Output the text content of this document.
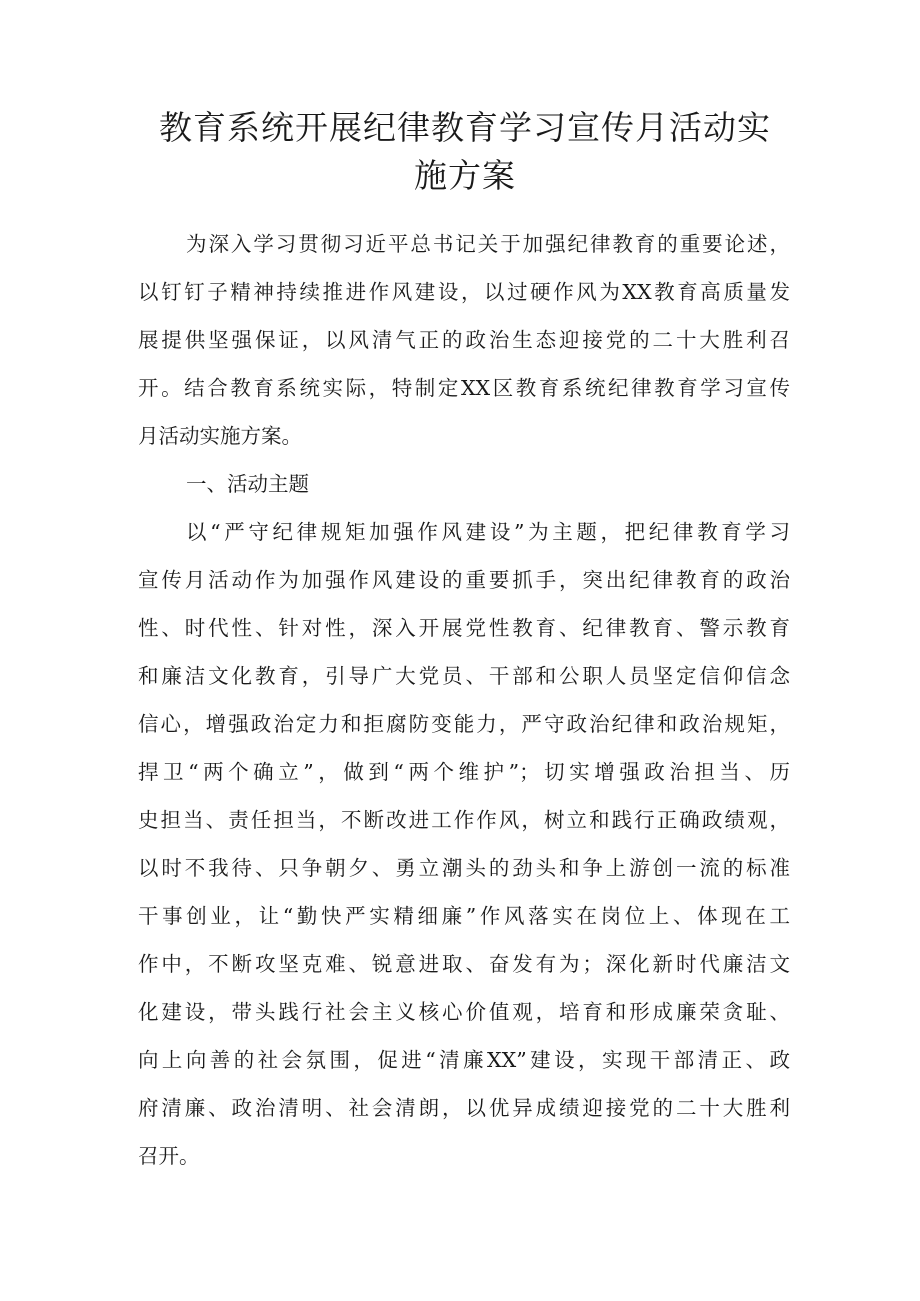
教育系统开展纪律教育学习宣传月活动实
施方案
为深入学习贯彻习近平总书记关于加强纪律教育的重要论述，
以钉钉子精神持续推进作风建设，以过硬作风为XX教育高质量发
展提供坚强保证，以风清气正的政治生态迎接党的二十大胜利召
开。结合教育系统实际，特制定XX区教育系统纪律教育学习宣传
月活动实施方案。
一、活动主题
以“严守纪律规矩加强作风建设”为主题，把纪律教育学习
宣传月活动作为加强作风建设的重要抓手，突出纪律教育的政治
性、时代性、针对性，深入开展党性教育、纪律教育、警示教育
和廉洁文化教育，引导广大党员、干部和公职人员坚定信仰信念
信心，增强政治定力和拒腐防变能力，严守政治纪律和政治规矩，
捍卫“两个确立”，做到“两个维护”；切实增强政治担当、历
史担当、责任担当，不断改进工作作风，树立和践行正确政绩观，
以时不我待、只争朝夕、勇立潮头的劲头和争上游创一流的标准
干事创业，让“勤快严实精细廉”作风落实在岗位上、体现在工
作中，不断攻坚克难、锐意进取、奋发有为；深化新时代廉洁文
化建设，带头践行社会主义核心价值观，培育和形成廉荣贪耻、
向上向善的社会氛围，促进“清廉XX”建设，实现干部清正、政
府清廉、政治清明、社会清朗，以优异成绩迎接党的二十大胜利
召开。
